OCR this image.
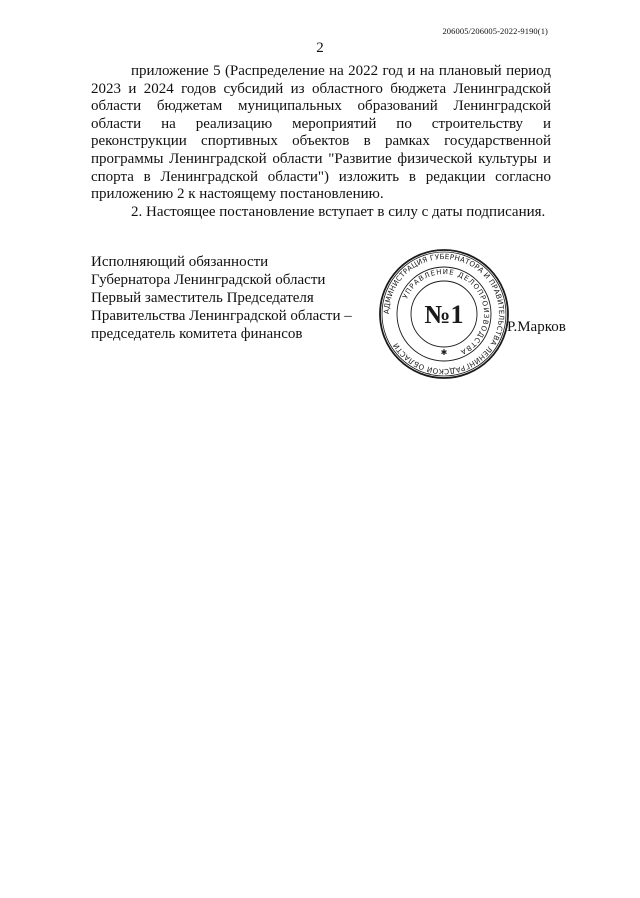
206005/206005-2022-9190(1)
2

приложение 5 (Распределение на 2022 год и на плановый период 2023 и 2024 годов субсидий из областного бюджета Ленинградской области бюджетам муниципальных образований Ленинградской области на реализацию мероприятий по строительству и реконструкции спортивных объектов в рамках государственной программы Ленинградской области "Развитие физической культуры и спорта в Ленинградской области") изложить в редакции согласно приложению 2 к настоящему постановлению.

2. Настоящее постановление вступает в силу с даты подписания.

Исполняющий обязанности
Губернатора Ленинградской области
Первый заместитель Председателя
Правительства Ленинградской области –
председатель комитета финансов
АДМИНИСТРАЦИЯ ГУБЕРНАТОРА И ПРАВИТЕЛЬСТВА ЛЕНИНГРАДСКОЙ ОБЛАСТИ
УПРАВЛЕНИЕ ДЕЛОПРОИЗВОДСТВА
№1
✱
Р.Марков
